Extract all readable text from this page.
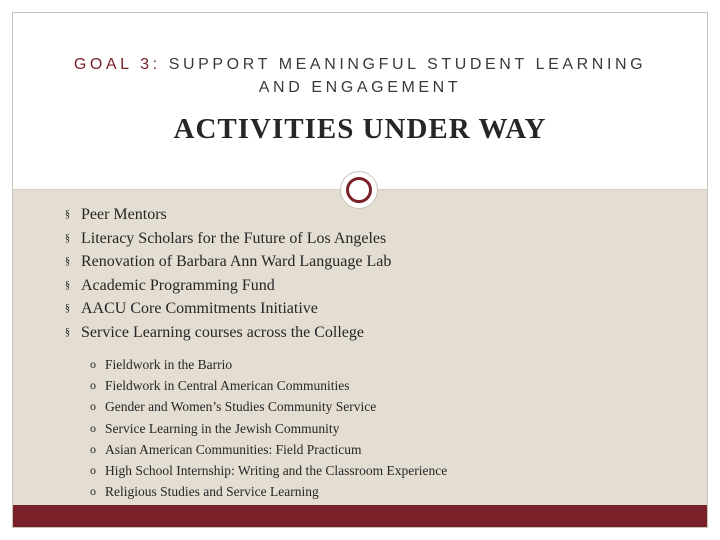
GOAL 3: SUPPORT MEANINGFUL STUDENT LEARNING
AND ENGAGEMENT
ACTIVITIES UNDER WAY
§ Peer Mentors
§ Literacy Scholars for the Future of Los Angeles
§ Renovation of Barbara Ann Ward Language Lab
§ Academic Programming Fund
§ AACU Core Commitments Initiative
§ Service Learning courses across the College
o Fieldwork in the Barrio
o Fieldwork in Central American Communities
o Gender and Women’s Studies Community Service
o Service Learning in the Jewish Community
o Asian American Communities: Field Practicum
o High School Internship: Writing and the Classroom Experience
o Religious Studies and Service Learning
